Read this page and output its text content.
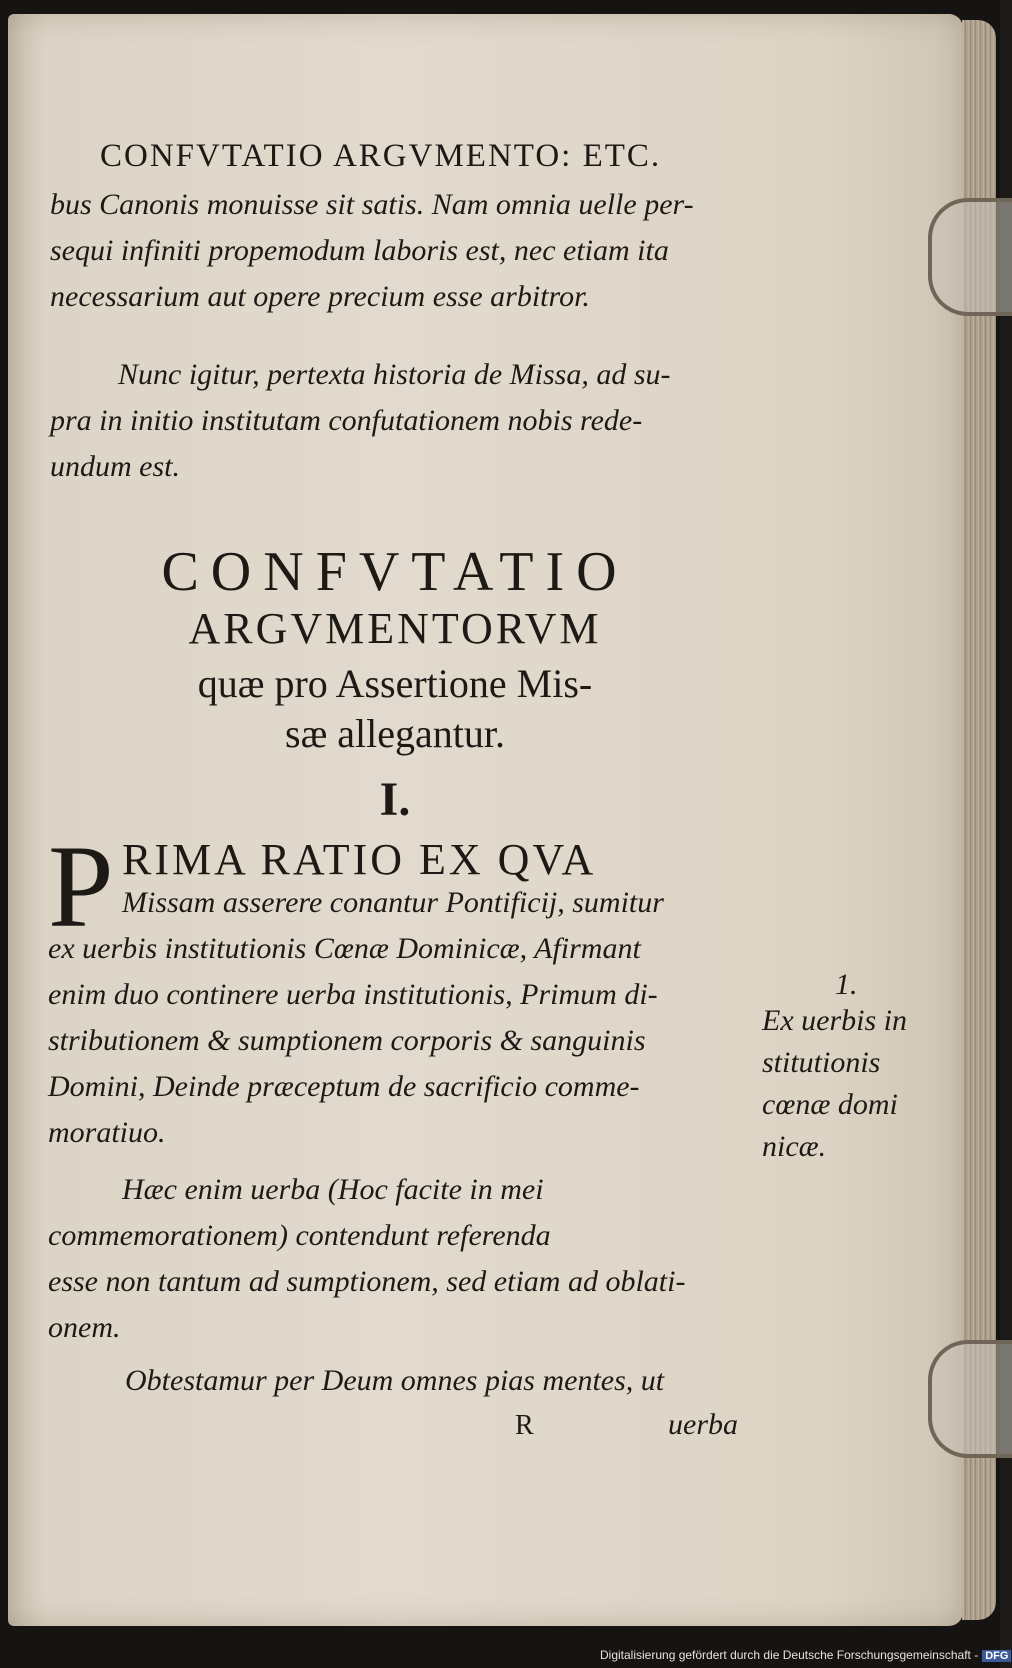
CONFVTATIO ARGVMENTO: ETC.
bus Canonis monuisse sit satis. Nam omnia uelle per-
sequi infiniti propemodum laboris est, nec etiam ita
necessarium aut opere precium esse arbitror.
Nunc igitur, pertexta historia de Missa, ad su-
pra in initio institutam confutationem nobis rede-
undum est.
CONFVTATIO
ARGVMENTORVM
quæ pro Assertione Mis-
sæ allegantur.
I.
P RIMA RATIO EX QVA
Missam asserere conantur Pontificij, sumitur
ex uerbis institutionis Cœnæ Dominicæ, Afirmant
enim duo continere uerba institutionis, Primum di-
stributionem & sumptionem corporis & sanguinis
Domini, Deinde præceptum de sacrificio comme-
moratiuo.
Hæc enim uerba (Hoc facite in mei
commemorationem) contendunt referenda
esse non tantum ad sumptionem, sed etiam ad oblati-
onem.
Obtestamur per Deum omnes pias mentes, ut
R	uerba
1.
Ex uerbis in
stitutionis
cœnæ domi
nicæ.
Digitalisierung gefördert durch die Deutsche Forschungsgemeinschaft - DFG
